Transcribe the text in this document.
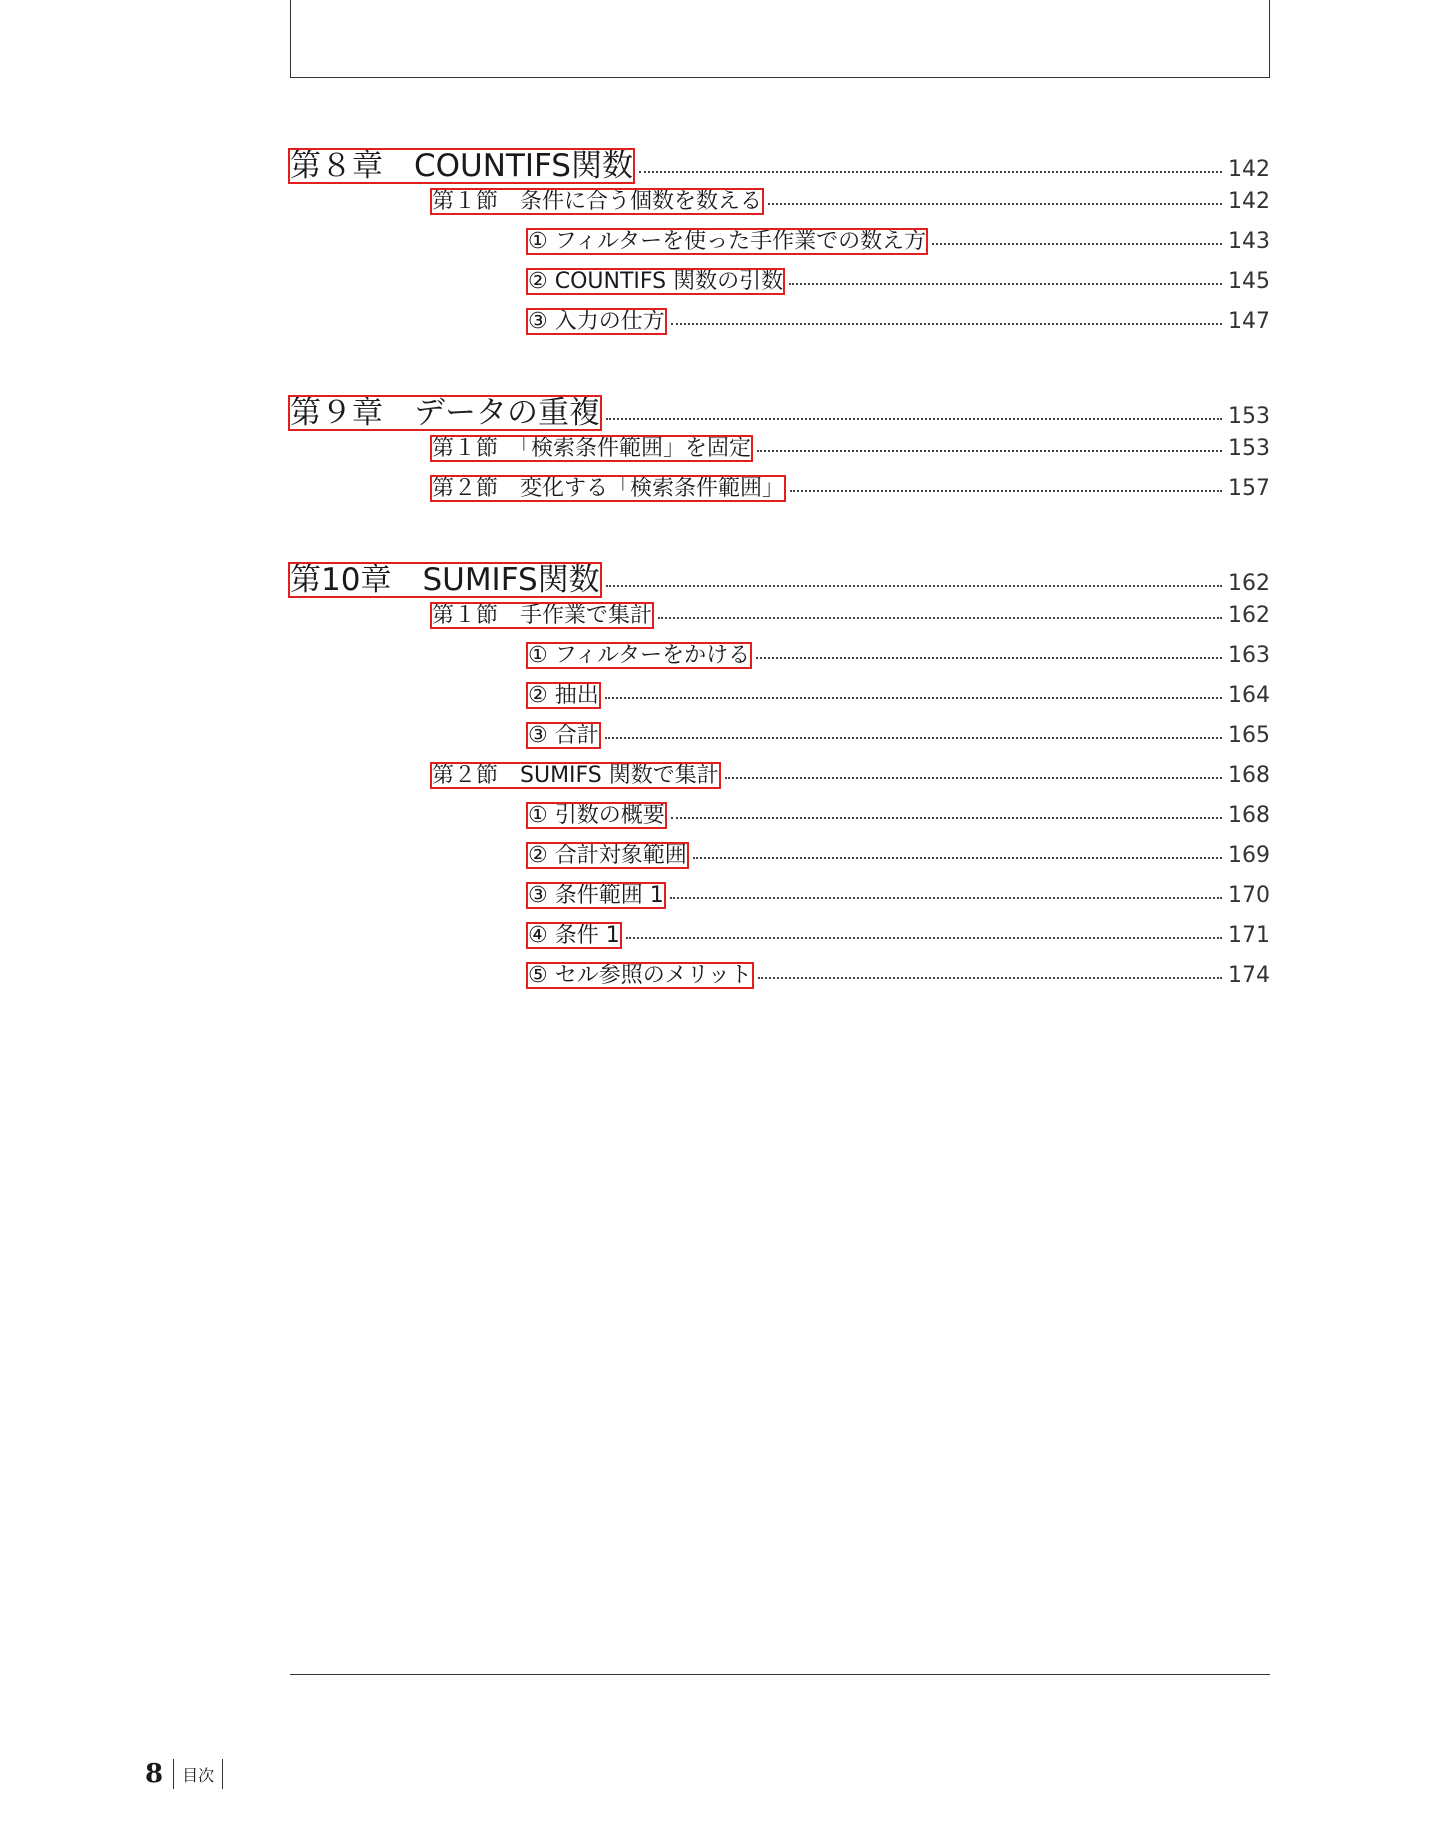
第８章　COUNTIFS関数	142
第１節　条件に合う個数を数える	142
① フィルターを使った手作業での数え方	143
② COUNTIFS 関数の引数	145
③ 入力の仕方	147
第９章　データの重複	153
第１節　「検索条件範囲」を固定	153
第２節　変化する「検索条件範囲」	157
第10章　SUMIFS関数	162
第１節　手作業で集計	162
① フィルターをかける	163
② 抽出	164
③ 合計	165
第２節　SUMIFS 関数で集計	168
① 引数の概要	168
② 合計対象範囲	169
③ 条件範囲 1	170
④ 条件 1	171
⑤ セル参照のメリット	174
8	目次
